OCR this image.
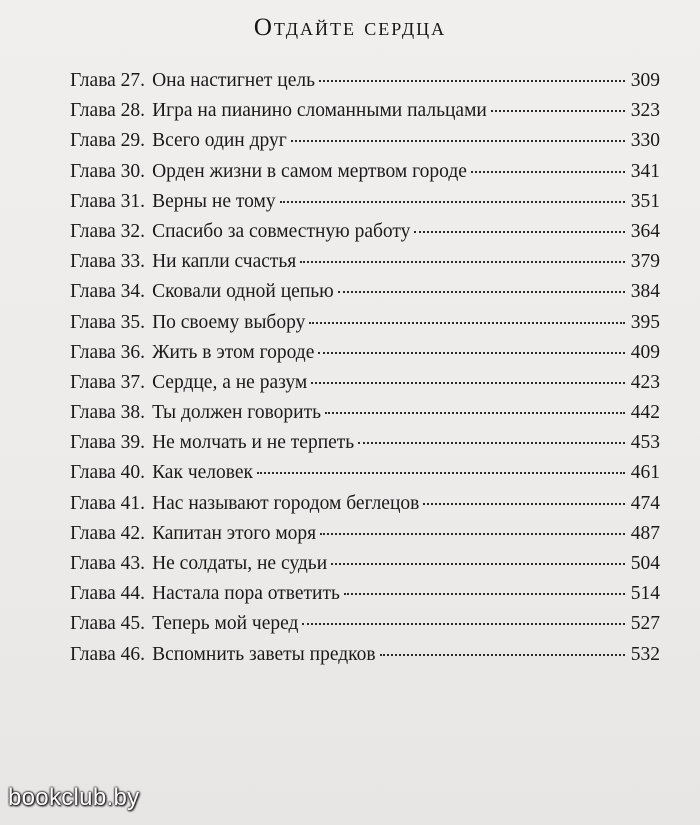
Отдайте сердца
Глава 27. Она настигнет цель	309
Глава 28. Игра на пианино сломанными пальцами	323
Глава 29. Всего один друг	330
Глава 30. Орден жизни в самом мертвом городе	341
Глава 31. Верны не тому	351
Глава 32. Спасибо за совместную работу	364
Глава 33. Ни капли счастья	379
Глава 34. Сковали одной цепью	384
Глава 35. По своему выбору	395
Глава 36. Жить в этом городе	409
Глава 37. Сердце, а не разум	423
Глава 38. Ты должен говорить	442
Глава 39. Не молчать и не терпеть	453
Глава 40. Как человек	461
Глава 41. Нас называют городом беглецов	474
Глава 42. Капитан этого моря	487
Глава 43. Не солдаты, не судьи	504
Глава 44. Настала пора ответить	514
Глава 45. Теперь мой черед	527
Глава 46. Вспомнить заветы предков	532
bookclub.by
